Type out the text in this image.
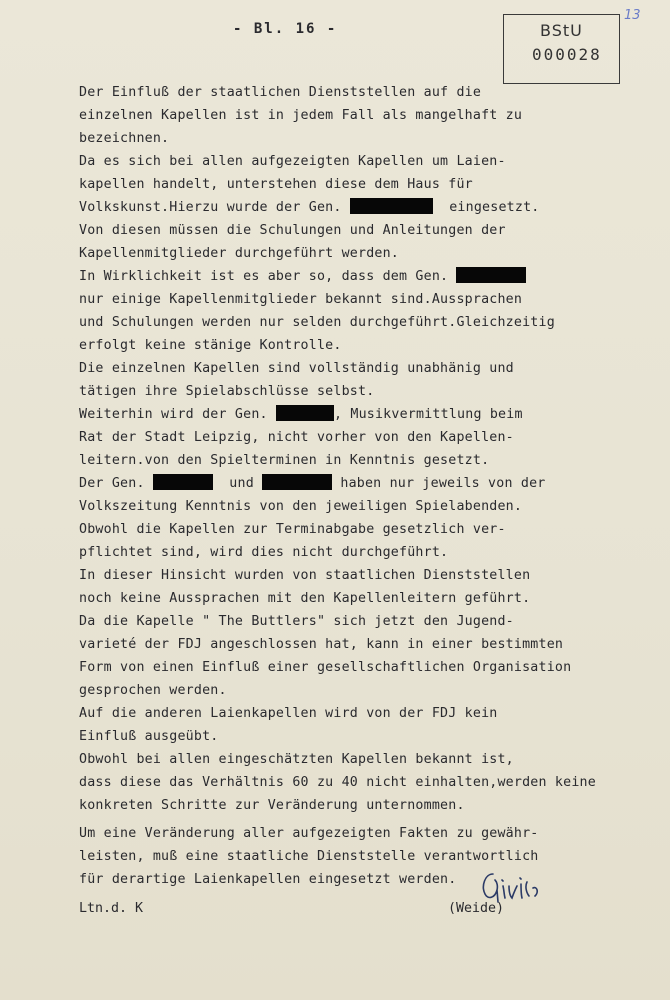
- Bl. 16 -	BStU
000028
13
Der Einfluß der staatlichen Dienststellen auf die
einzelnen Kapellen ist in jedem Fall als mangelhaft zu
bezeichnen.
Da es sich bei allen aufgezeigten Kapellen um Laien-
kapellen handelt, unterstehen diese dem Haus für
Volkskunst.Hierzu wurde der Gen.	eingesetzt.
Von diesen müssen die Schulungen und Anleitungen der
Kapellenmitglieder durchgeführt werden.
In Wirklichkeit ist es aber so, dass dem Gen.
nur einige Kapellenmitglieder bekannt sind.Aussprachen
und Schulungen werden nur selden durchgeführt.Gleichzeitig
erfolgt keine stänige Kontrolle.
Die einzelnen Kapellen sind vollständig unabhänig und
tätigen ihre Spielabschlüsse selbst.
Weiterhin wird der Gen.	, Musikvermittlung beim
Rat der Stadt Leipzig, nicht vorher von den Kapellen-
leitern.von den Spielterminen in Kenntnis gesetzt.
Der Gen.	und	haben nur jeweils von der
Volkszeitung Kenntnis von den jeweiligen Spielabenden.
Obwohl die Kapellen zur Terminabgabe gesetzlich ver-
pflichtet sind, wird dies nicht durchgeführt.
In dieser Hinsicht wurden von staatlichen Dienststellen
noch keine Aussprachen mit den Kapellenleitern geführt.
Da die Kapelle " The Buttlers" sich jetzt den Jugend-
varieté der FDJ angeschlossen hat, kann in einer bestimmten
Form von einen Einfluß einer gesellschaftlichen Organisation
gesprochen werden.
Auf die anderen Laienkapellen wird von der FDJ kein
Einfluß ausgeübt.
Obwohl bei allen eingeschätzten Kapellen bekannt ist,
dass diese das Verhältnis 60 zu 40 nicht einhalten,werden keine
konkreten Schritte zur Veränderung unternommen.
Um eine Veränderung aller aufgezeigten Fakten zu gewähr-
leisten, muß eine staatliche Dienststelle verantwortlich
für derartige Laienkapellen eingesetzt werden.
Ltn.d. K	(Weide)
